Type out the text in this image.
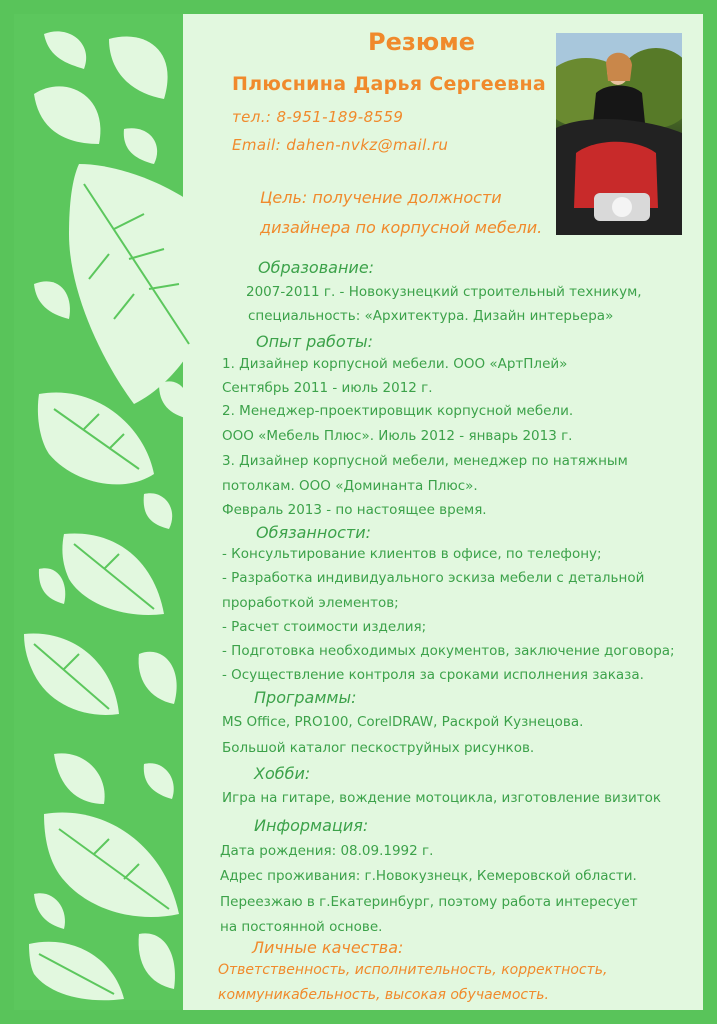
Резюме
Плюснина Дарья Сергеевна
тел.: 8-951-189-8559
Email: dahen-nvkz@mail.ru
Цель: получение должности
дизайнера по корпусной мебели.
Образование:
2007-2011 г. - Новокузнецкий строительный техникум,
специальность: «Архитектура. Дизайн интерьера»
Опыт работы:
1. Дизайнер корпусной мебели. ООО «АртПлей»
Сентябрь 2011 - июль 2012 г.
2. Менеджер-проектировщик корпусной мебели.
ООО «Мебель Плюс». Июль 2012 - январь 2013 г.
3. Дизайнер корпусной мебели, менеджер по натяжным
потолкам. ООО «Доминанта Плюс».
Февраль 2013 - по настоящее время.
Обязанности:
- Консультирование клиентов в офисе, по телефону;
- Разработка индивидуального эскиза мебели с детальной
проработкой элементов;
- Расчет стоимости изделия;
- Подготовка необходимых документов, заключение договора;
- Осуществление контроля за сроками исполнения заказа.
Программы:
MS Office, PRO100, CorelDRAW, Раскрой Кузнецова.
Большой каталог пескоструйных рисунков.
Хобби:
Игра на гитаре, вождение мотоцикла, изготовление визиток
Информация:
Дата рождения: 08.09.1992 г.
Адрес проживания: г.Новокузнецк, Кемеровской области.
Переезжаю в г.Екатеринбург, поэтому работа интересует
на постоянной основе.
Личные качества:
Ответственность, исполнительность, корректность,
коммуникабельность, высокая обучаемость.
